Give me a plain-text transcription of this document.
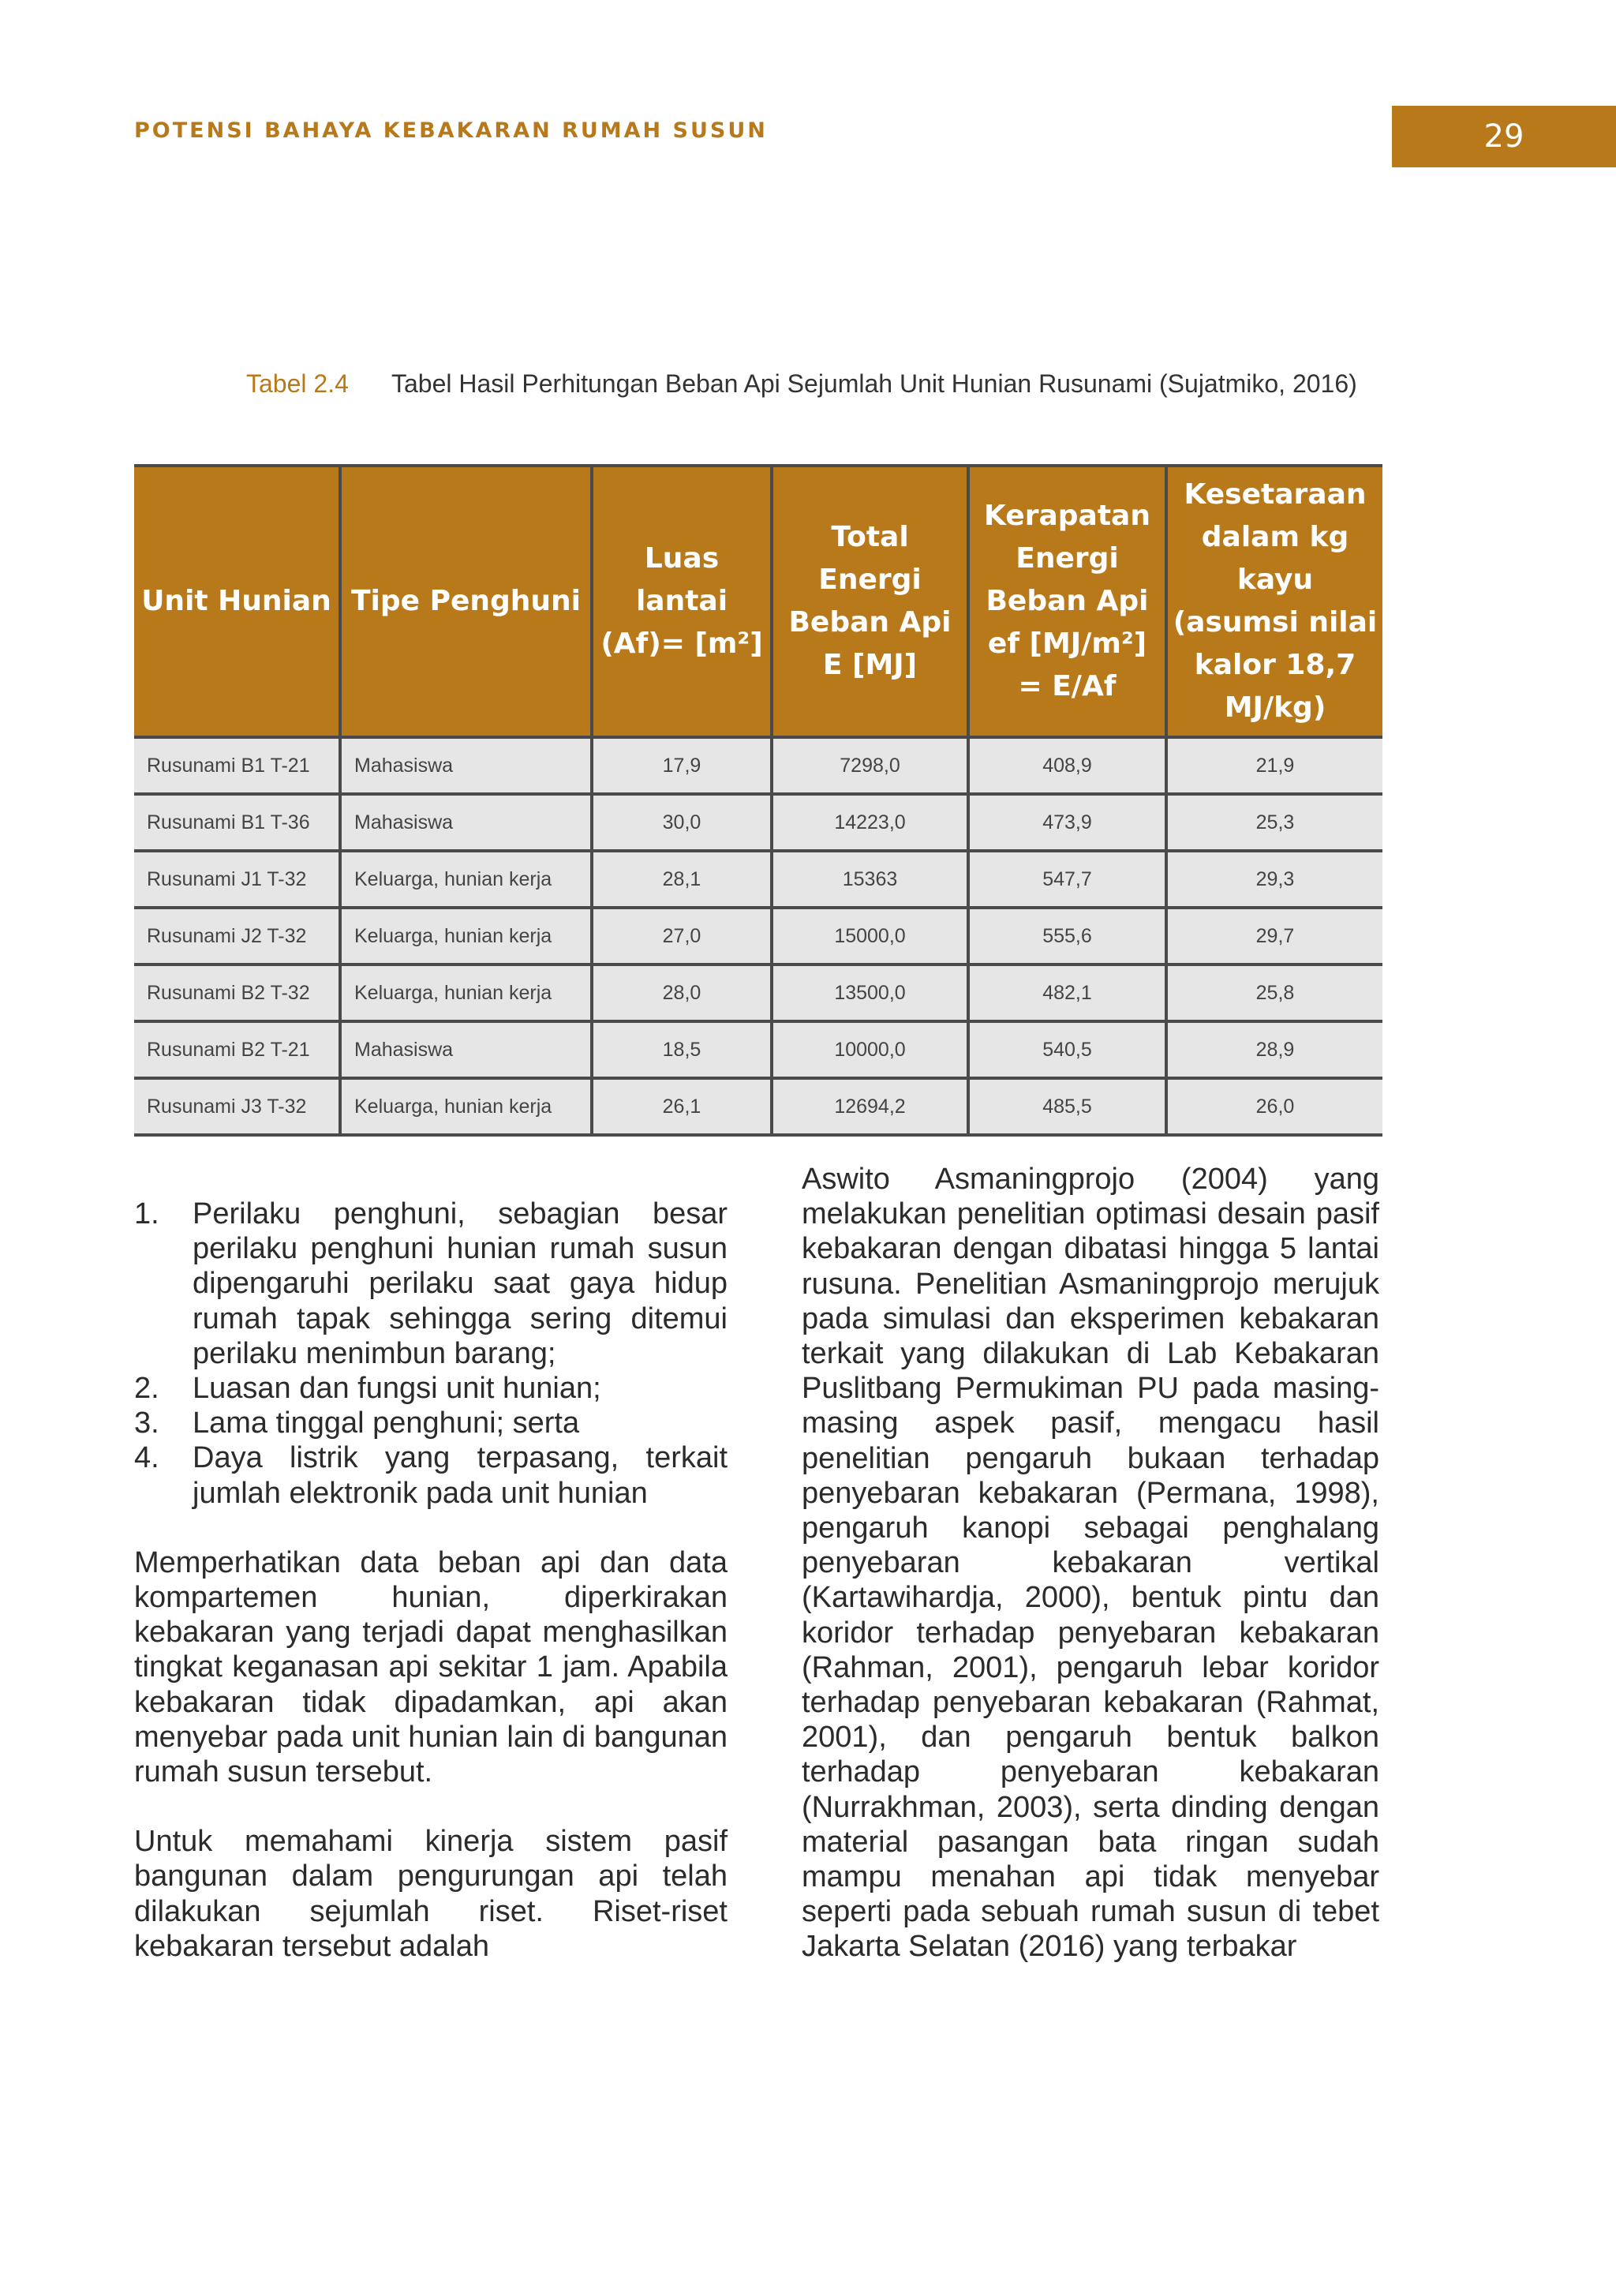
POTENSI BAHAYA KEBAKARAN RUMAH SUSUN	29
Tabel 2.4 Tabel Hasil Perhitungan Beban Api Sejumlah Unit Hunian Rusunami (Sujatmiko, 2016)
Unit Hunian	Tipe Penghuni	Luas lantai (Af)= [m²]	Total Energi Beban Api E [MJ]	Kerapatan Energi Beban Api ef [MJ/m²] = E/Af	Kesetaraan dalam kg kayu (asumsi nilai kalor 18,7 MJ/kg)
Rusunami B1 T-21	Mahasiswa	17,9	7298,0	408,9	21,9
Rusunami B1 T-36	Mahasiswa	30,0	14223,0	473,9	25,3
Rusunami J1 T-32	Keluarga, hunian kerja	28,1	15363	547,7	29,3
Rusunami J2 T-32	Keluarga, hunian kerja	27,0	15000,0	555,6	29,7
Rusunami B2 T-32	Keluarga, hunian kerja	28,0	13500,0	482,1	25,8
Rusunami B2 T-21	Mahasiswa	18,5	10000,0	540,5	28,9
Rusunami J3 T-32	Keluarga, hunian kerja	26,1	12694,2	485,5	26,0
1. Perilaku penghuni, sebagian besar perilaku penghuni hunian rumah susun dipengaruhi perilaku saat gaya hidup rumah tapak sehingga sering ditemui perilaku menimbun barang;
2. Luasan dan fungsi unit hunian;
3. Lama tinggal penghuni; serta
4. Daya listrik yang terpasang, terkait jumlah elektronik pada unit hunian

Memperhatikan data beban api dan data kompartemen hunian, diperkirakan kebakaran yang terjadi dapat menghasilkan tingkat keganasan api sekitar 1 jam. Apabila kebakaran tidak dipadamkan, api akan menyebar pada unit hunian lain di bangunan rumah susun tersebut.

Untuk memahami kinerja sistem pasif bangunan dalam pengurungan api telah dilakukan sejumlah riset. Riset-riset kebakaran tersebut adalah

Aswito Asmaningprojo (2004) yang melakukan penelitian optimasi desain pasif kebakaran dengan dibatasi hingga 5 lantai rusuna. Penelitian Asmaningprojo merujuk pada simulasi dan eksperimen kebakaran terkait yang dilakukan di Lab Kebakaran Puslitbang Permukiman PU pada masing-masing aspek pasif, mengacu hasil penelitian pengaruh bukaan terhadap penyebaran kebakaran (Permana, 1998), pengaruh kanopi sebagai penghalang penyebaran kebakaran vertikal (Kartawihardja, 2000), bentuk pintu dan koridor terhadap penyebaran kebakaran (Rahman, 2001), pengaruh lebar koridor terhadap penyebaran kebakaran (Rahmat, 2001), dan pengaruh bentuk balkon terhadap penyebaran kebakaran (Nurrakhman, 2003), serta dinding dengan material pasangan bata ringan sudah mampu menahan api tidak menyebar seperti pada sebuah rumah susun di tebet Jakarta Selatan (2016) yang terbakar
